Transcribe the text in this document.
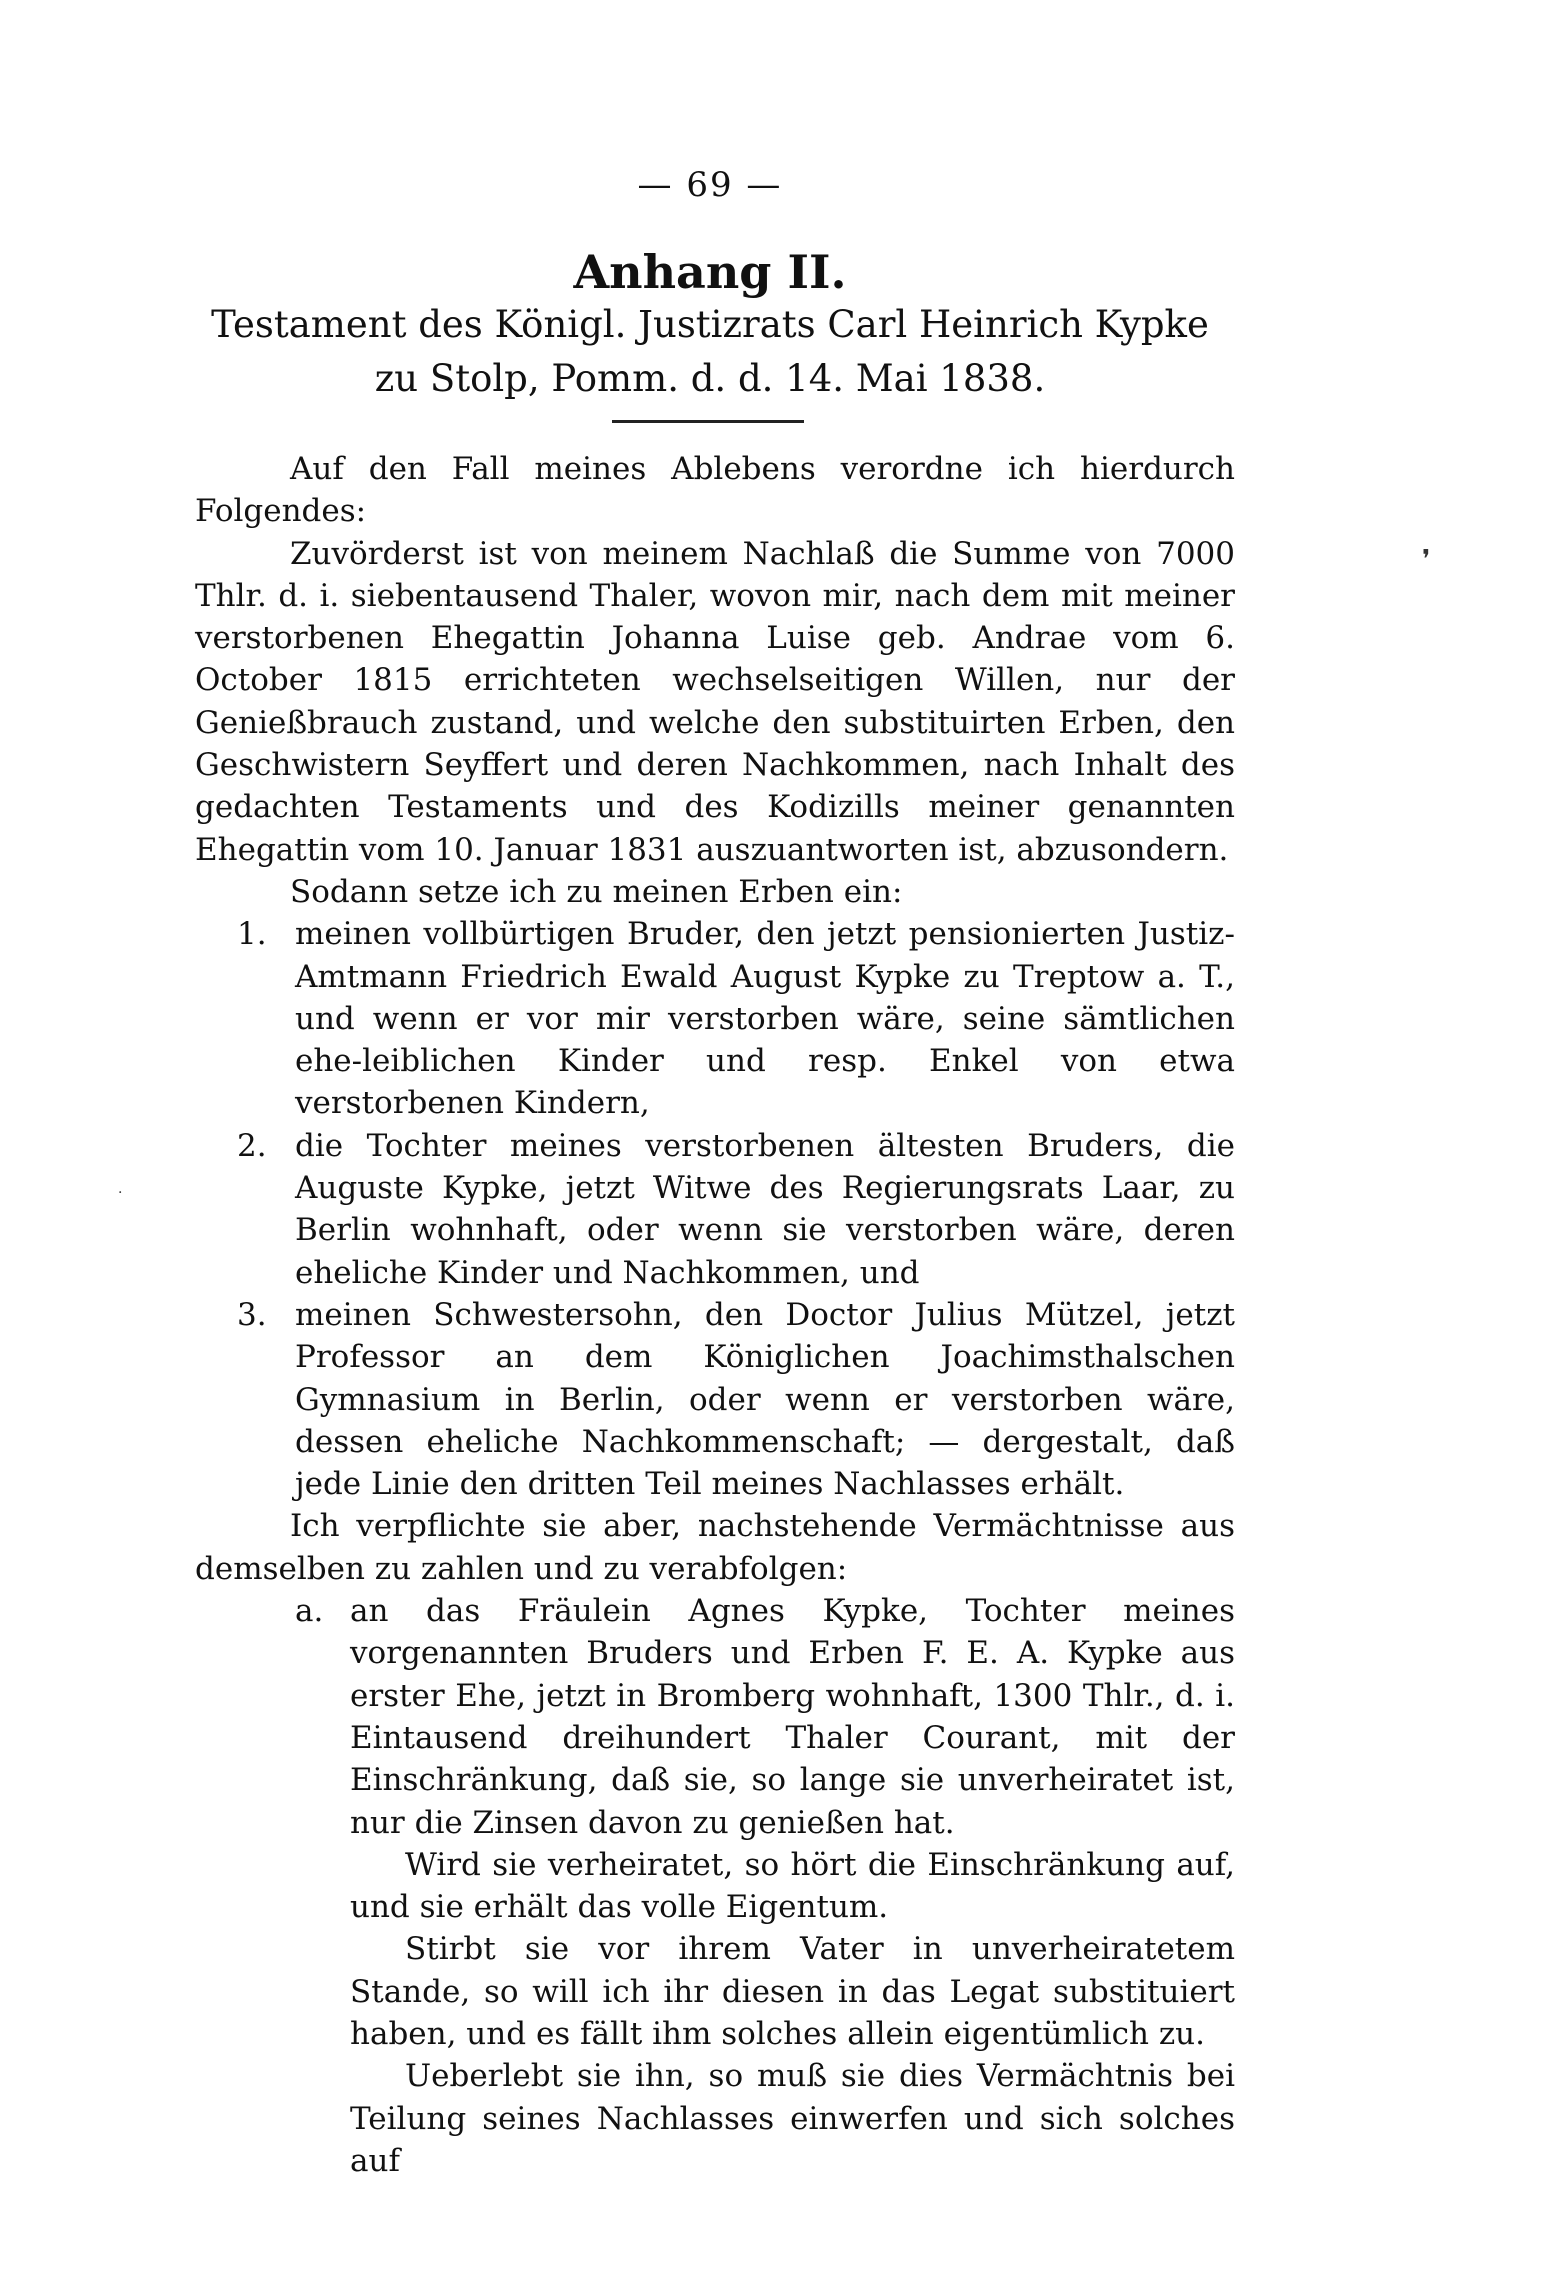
— 69 —
Anhang II.
Testament des Königl. Justizrats Carl Heinrich Kypke zu Stolp, Pomm. d. d. 14. Mai 1838.
❜
·

Auf den Fall meines Ablebens verordne ich hierdurch Folgendes:

Zuvörderst ist von meinem Nachlaß die Summe von 7000 Thlr. d. i. siebentausend Thaler, wovon mir, nach dem mit meiner verstorbenen Ehegattin Johanna Luise geb. Andrae vom 6. October 1815 errichteten wechselseitigen Willen, nur der Genießbrauch zustand, und welche den substituirten Erben, den Geschwistern Seyffert und deren Nachkommen, nach Inhalt des gedachten Testaments und des Kodizills meiner genannten Ehegattin vom 10. Januar 1831 auszuantworten ist, abzusondern.

Sodann setze ich zu meinen Erben ein:

1. meinen vollbürtigen Bruder, den jetzt pensionierten Justiz-Amtmann Friedrich Ewald August Kypke zu Treptow a. T., und wenn er vor mir verstorben wäre, seine sämtlichen ehe-leiblichen Kinder und resp. Enkel von etwa verstorbenen Kindern,
2. die Tochter meines verstorbenen ältesten Bruders, die Auguste Kypke, jetzt Witwe des Regierungsrats Laar, zu Berlin wohnhaft, oder wenn sie verstorben wäre, deren eheliche Kinder und Nachkommen, und
3. meinen Schwestersohn, den Doctor Julius Mützel, jetzt Professor an dem Königlichen Joachimsthalschen Gymnasium in Berlin, oder wenn er verstorben wäre, dessen eheliche Nachkommenschaft; — dergestalt, daß jede Linie den dritten Teil meines Nachlasses erhält.

Ich verpflichte sie aber, nachstehende Vermächtnisse aus demselben zu zahlen und zu verabfolgen:

a. an das Fräulein Agnes Kypke, Tochter meines vorgenannten Bruders und Erben F. E. A. Kypke aus erster Ehe, jetzt in Bromberg wohnhaft, 1300 Thlr., d. i. Eintausend dreihundert Thaler Courant, mit der Einschränkung, daß sie, so lange sie unverheiratet ist, nur die Zinsen davon zu genießen hat.

Wird sie verheiratet, so hört die Einschränkung auf, und sie erhält das volle Eigentum.

Stirbt sie vor ihrem Vater in unverheiratetem Stande, so will ich ihr diesen in das Legat substituiert haben, und es fällt ihm solches allein eigentümlich zu.

Ueberlebt sie ihn, so muß sie dies Vermächtnis bei Teilung seines Nachlasses einwerfen und sich solches auf
